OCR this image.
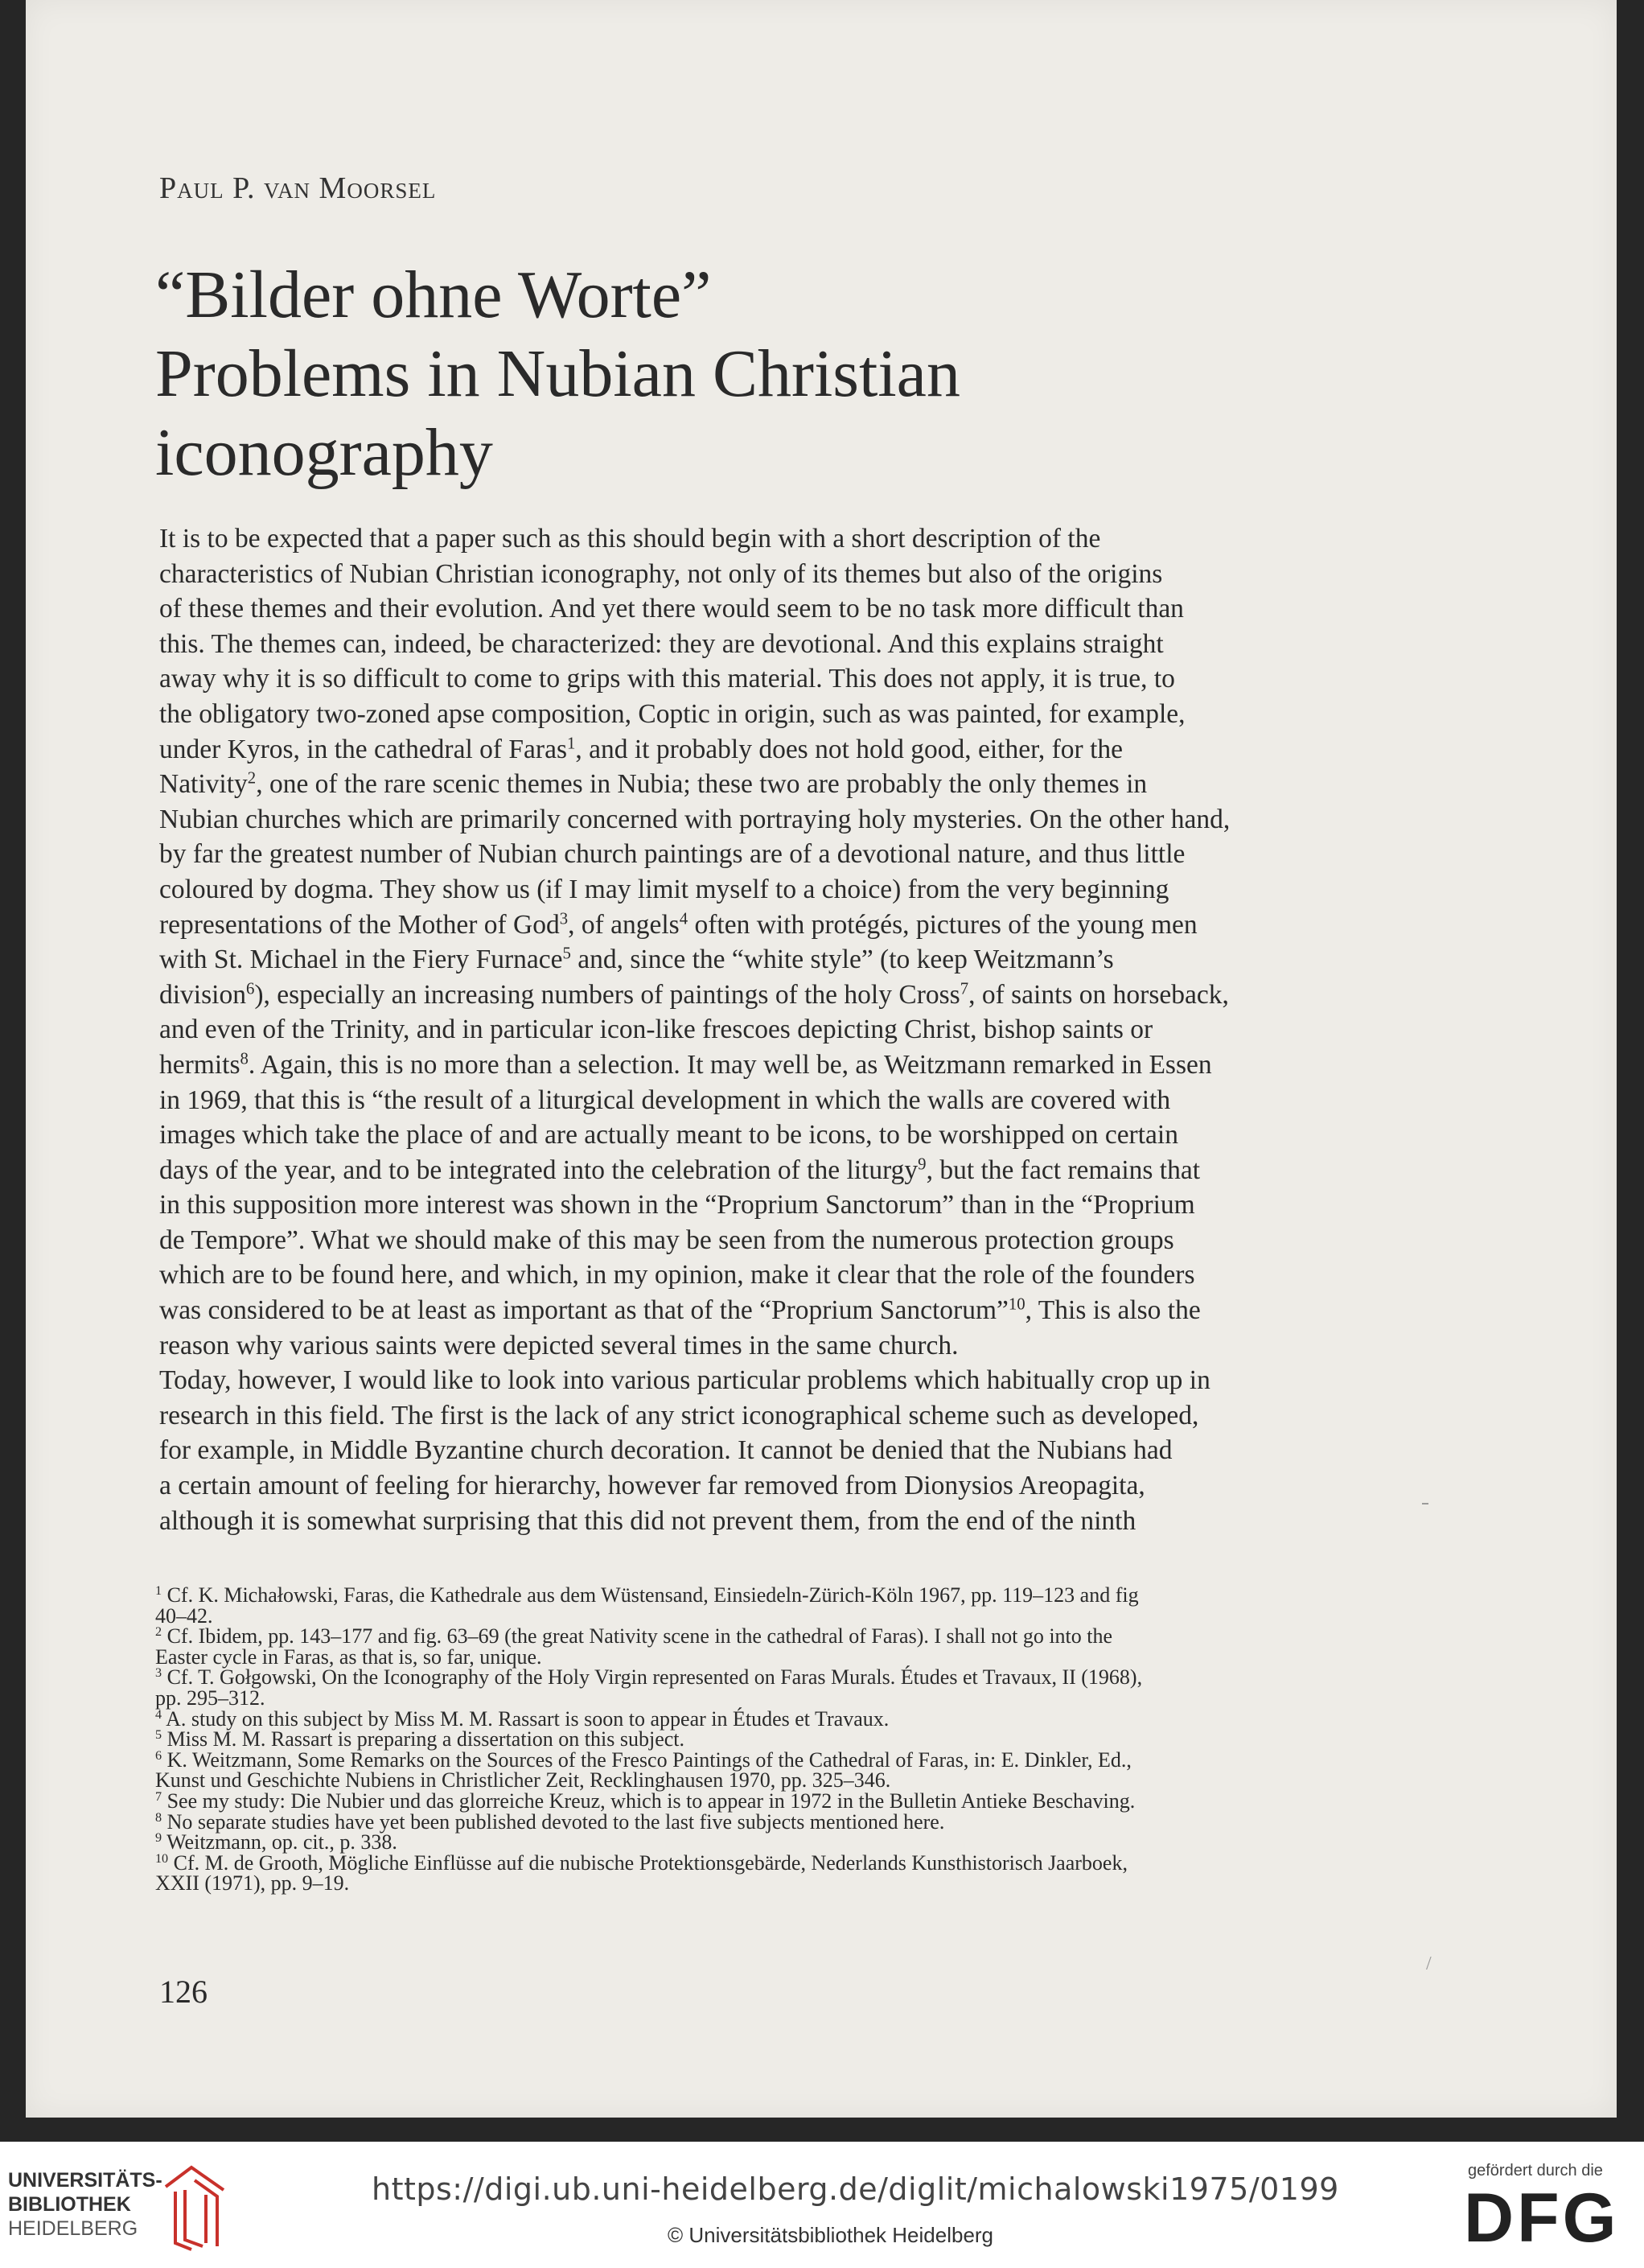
/
Paul P. van Moorsel
“Bilder ohne Worte”
Problems in Nubian Christian
iconography
It is to be expected that a paper such as this should begin with a short description of the
characteristics of Nubian Christian iconography, not only of its themes but also of the origins
of these themes and their evolution. And yet there would seem to be no task more difficult than
this. The themes can, indeed, be characterized: they are devotional. And this explains straight
away why it is so difficult to come to grips with this material. This does not apply, it is true, to
the obligatory two-zoned apse composition, Coptic in origin, such as was painted, for example,
under Kyros, in the cathedral of Faras$^1$, and it probably does not hold good, either, for the
Nativity$^2$, one of the rare scenic themes in Nubia; these two are probably the only themes in
Nubian churches which are primarily concerned with portraying holy mysteries. On the other hand,
by far the greatest number of Nubian church paintings are of a devotional nature, and thus little
coloured by dogma. They show us (if I may limit myself to a choice) from the very beginning
representations of the Mother of God$^3$, of angels$^4$ often with protégés, pictures of the young men
with St. Michael in the Fiery Furnace$^5$ and, since the “white style” (to keep Weitzmann’s
division$^6$), especially an increasing numbers of paintings of the holy Cross$^7$, of saints on horseback,
and even of the Trinity, and in particular icon-like frescoes depicting Christ, bishop saints or
hermits$^8$. Again, this is no more than a selection. It may well be, as Weitzmann remarked in Essen
in 1969, that this is “the result of a liturgical development in which the walls are covered with
images which take the place of and are actually meant to be icons, to be worshipped on certain
days of the year, and to be integrated into the celebration of the liturgy$^9$, but the fact remains that
in this supposition more interest was shown in the “Proprium Sanctorum” than in the “Proprium
de Tempore”. What we should make of this may be seen from the numerous protection groups
which are to be found here, and which, in my opinion, make it clear that the role of the founders
was considered to be at least as important as that of the “Proprium Sanctorum”$^{10}$, This is also the
reason why various saints were depicted several times in the same church.
Today, however, I would like to look into various particular problems which habitually crop up in
research in this field. The first is the lack of any strict iconographical scheme such as developed,
for example, in Middle Byzantine church decoration. It cannot be denied that the Nubians had
a certain amount of feeling for hierarchy, however far removed from Dionysios Areopagita,
although it is somewhat surprising that this did not prevent them, from the end of the ninth
$^1$ Cf. K. Michałowski, Faras, die Kathedrale aus dem Wüstensand, Einsiedeln-Zürich-Köln 1967, pp. 119–123 and fig
40–42.
$^2$ Cf. Ibidem, pp. 143–177 and fig. 63–69 (the great Nativity scene in the cathedral of Faras). I shall not go into the
Easter cycle in Faras, as that is, so far, unique.
$^3$ Cf. T. Gołgowski, On the Iconography of the Holy Virgin represented on Faras Murals. Études et Travaux, II (1968),
pp. 295–312.
$^4$ A. study on this subject by Miss M. M. Rassart is soon to appear in Études et Travaux.
$^5$ Miss M. M. Rassart is preparing a dissertation on this subject.
$^6$ K. Weitzmann, Some Remarks on the Sources of the Fresco Paintings of the Cathedral of Faras, in: E. Dinkler, Ed.,
Kunst und Geschichte Nubiens in Christlicher Zeit, Recklinghausen 1970, pp. 325–346.
$^7$ See my study: Die Nubier und das glorreiche Kreuz, which is to appear in 1972 in the Bulletin Antieke Beschaving.
$^8$ No separate studies have yet been published devoted to the last five subjects mentioned here.
$^9$ Weitzmann, op. cit., p. 338.
$^{10}$ Cf. M. de Grooth, Mögliche Einflüsse auf die nubische Protektionsgebärde, Nederlands Kunsthistorisch Jaarboek,
XXII (1971), pp. 9–19.
126
UNIVERSITÄTS-
BIBLIOTHEK
HEIDELBERG
https://digi.ub.uni-heidelberg.de/diglit/michalowski1975/0199
© Universitätsbibliothek Heidelberg
gefördert durch die
DFG
